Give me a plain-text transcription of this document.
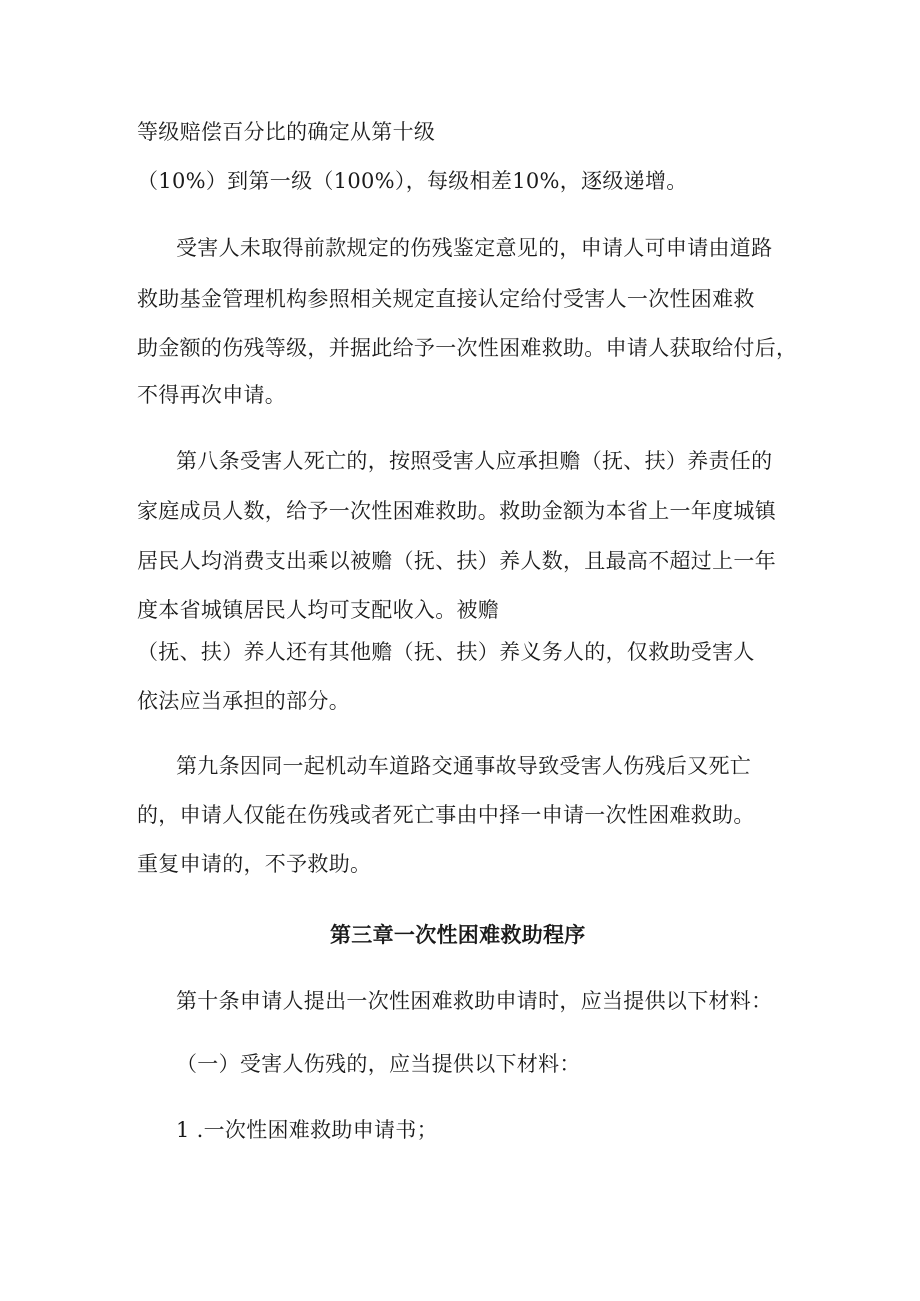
等级赔偿百分比的确定从第十级
（10%）到第一级（100%），每级相差10%，逐级递增。
受害人未取得前款规定的伤残鉴定意见的，申请人可申请由道路
救助基金管理机构参照相关规定直接认定给付受害人一次性困难救
助金额的伤残等级，并据此给予一次性困难救助。申请人获取给付后，
不得再次申请。
第八条受害人死亡的，按照受害人应承担赡（抚、扶）养责任的
家庭成员人数，给予一次性困难救助。救助金额为本省上一年度城镇
居民人均消费支出乘以被赡（抚、扶）养人数，且最高不超过上一年
度本省城镇居民人均可支配收入。被赡
（抚、扶）养人还有其他赡（抚、扶）养义务人的，仅救助受害人
依法应当承担的部分。
第九条因同一起机动车道路交通事故导致受害人伤残后又死亡
的，申请人仅能在伤残或者死亡事由中择一申请一次性困难救助。
重复申请的，不予救助。
第三章一次性困难救助程序
第十条申请人提出一次性困难救助申请时，应当提供以下材料：
（一）受害人伤残的，应当提供以下材料：
1 .一次性困难救助申请书；
